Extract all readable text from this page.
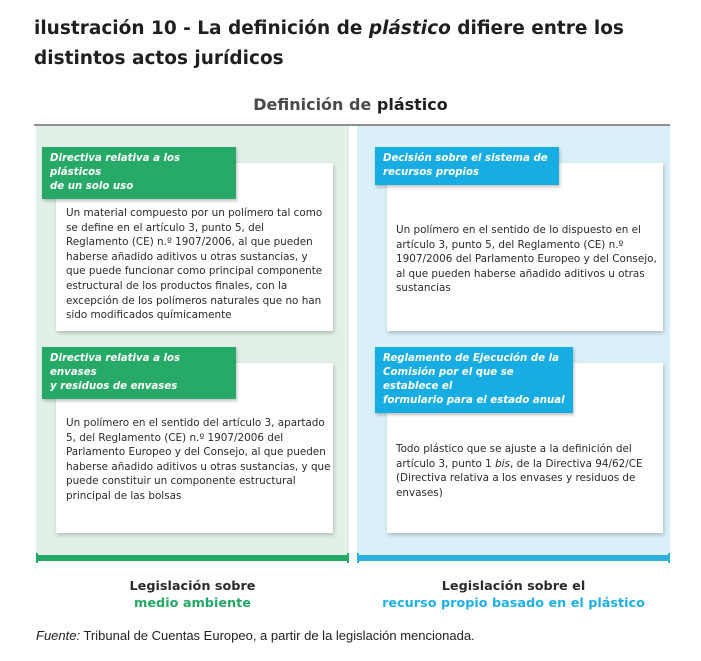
ilustración 10 - La definición de plástico difiere entre los distintos actos jurídicos
Definición de plástico
Un material compuesto por un polímero tal como se define en el artículo 3, punto 5, del Reglamento (CE) n.º 1907/2006, al que pueden haberse añadido aditivos u otras sustancias, y que puede funcionar como principal componente estructural de los productos finales, con la excepción de los polímeros naturales que no han sido modificados químicamente
Directiva relativa a los plásticos
de un solo uso
Un polímero en el sentido del artículo 3, apartado 5, del Reglamento (CE) n.º 1907/2006 del Parlamento Europeo y del Consejo, al que pueden haberse añadido aditivos u otras sustancias, y que puede constituir un componente estructural principal de las bolsas
Directiva relativa a los envases
y residuos de envases
Un polímero en el sentido de lo dispuesto en el artículo 3, punto 5, del Reglamento (CE) n.º 1907/2006 del Parlamento Europeo y del Consejo, al que pueden haberse añadido aditivos u otras sustancias
Decisión sobre el sistema de
recursos propios
Todo plástico que se ajuste a la definición del artículo 3, punto 1 bis, de la Directiva 94/62/CE (Directiva relativa a los envases y residuos de envases)
Reglamento de Ejecución de la
Comisión por el que se establece el
formulario para el estado anual
Legislación sobre
medio ambiente
Legislación sobre el
recurso propio basado en el plástico
Fuente: Tribunal de Cuentas Europeo, a partir de la legislación mencionada.
